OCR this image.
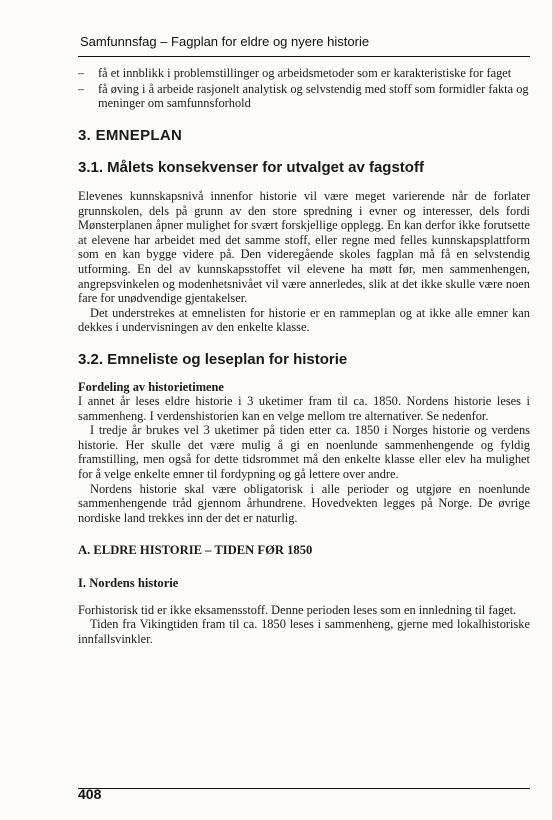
Samfunnsfag – Fagplan for eldre og nyere historie
–	få et innblikk i problemstillinger og arbeidsmetoder som er karakteristiske for faget
–	få øving i å arbeide rasjonelt analytisk og selvstendig med stoff som formidler fakta og meninger om samfunnsforhold
3. EMNEPLAN
3.1. Målets konsekvenser for utvalget av fagstoff

Elevenes kunnskapsnivå innenfor historie vil være meget varierende når de forlater grunnskolen, dels på grunn av den store spredning i evner og interesser, dels fordi Mønsterplanen åpner mulighet for svært forskjellige opplegg. En kan derfor ikke forutsette at elevene har arbeidet med det samme stoff, eller regne med felles kunnskapsplattform som en kan bygge videre på. Den videregående skoles fagplan må få en selvstendig utforming. En del av kunnskapsstoffet vil elevene ha møtt før, men sammenhengen, angrepsvinkelen og modenhetsnivået vil være annerledes, slik at det ikke skulle være noen fare for unødvendige gjentakelser.

Det understrekes at emnelisten for historie er en rammeplan og at ikke alle emner kan dekkes i undervisningen av den enkelte klasse.

3.2. Emneliste og leseplan for historie
Fordeling av historietimene

I annet år leses eldre historie i 3 uketimer fram til ca. 1850. Nordens historie leses i sammenheng. I verdenshistorien kan en velge mellom tre alternativer. Se nedenfor.

I tredje år brukes vel 3 uketimer på tiden etter ca. 1850 i Norges historie og verdens historie. Her skulle det være mulig å gi en noenlunde sammenhengende og fyldig framstilling, men også for dette tidsrommet må den enkelte klasse eller elev ha mulighet for å velge enkelte emner til fordypning og gå lettere over andre.

Nordens historie skal være obligatorisk i alle perioder og utgjøre en noenlunde sammenhengende tråd gjennom århundrene. Hovedvekten legges på Norge. De øvrige nordiske land trekkes inn der det er naturlig.

A. ELDRE HISTORIE – TIDEN FØR 1850
I. Nordens historie

Forhistorisk tid er ikke eksamensstoff. Denne perioden leses som en innledning til faget.

Tiden fra Vikingtiden fram til ca. 1850 leses i sammenheng, gjerne med lokalhistoriske innfallsvinkler.

408
